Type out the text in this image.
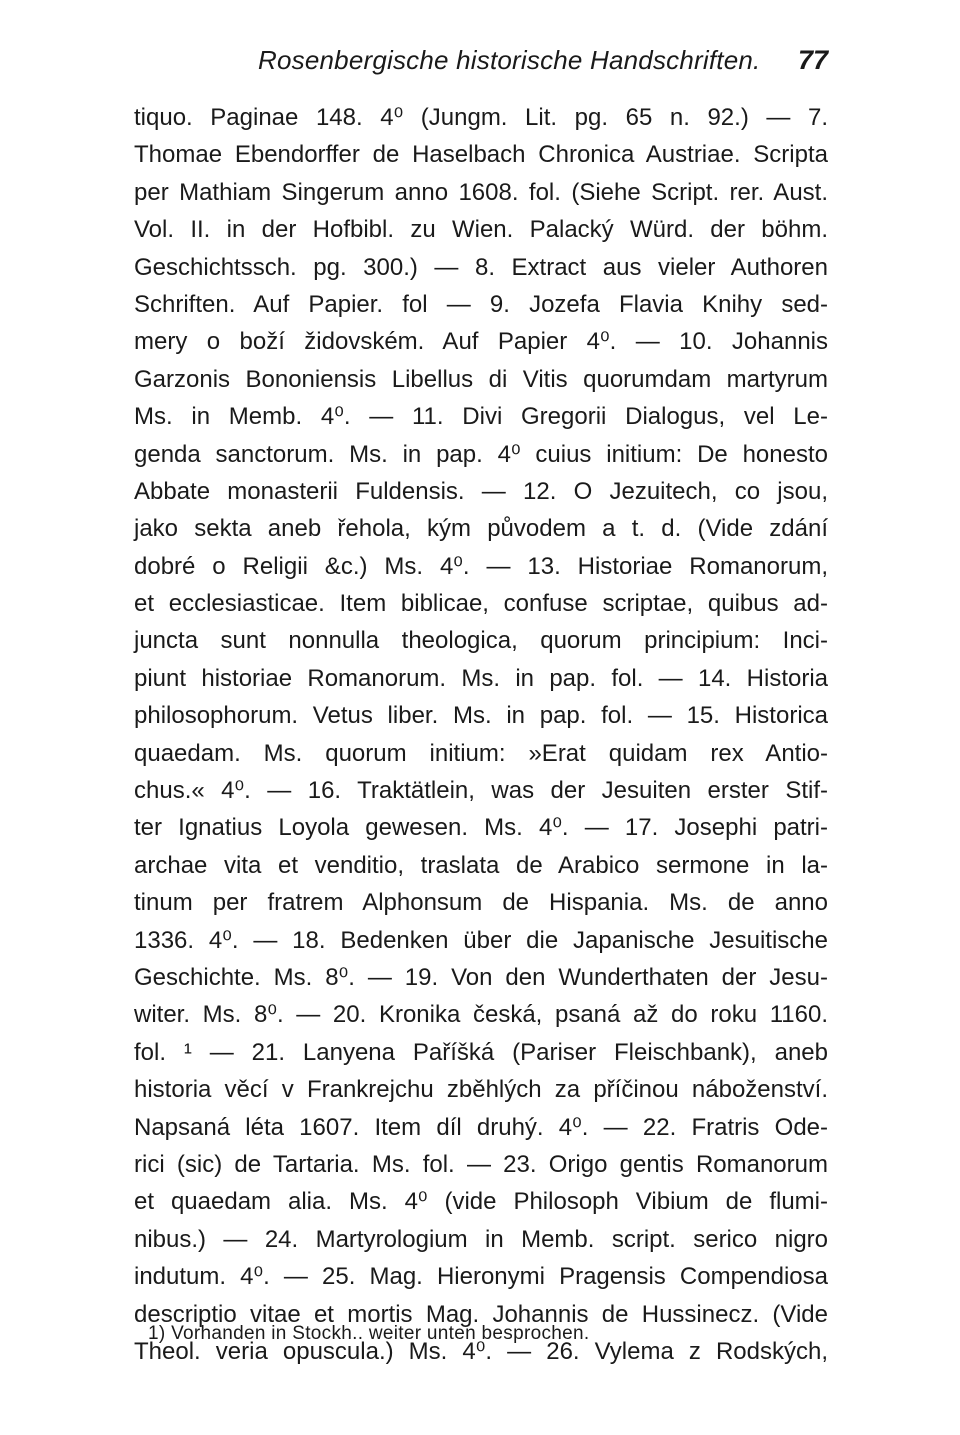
Rosenbergische historische Handschriften. 77
tiquo. Paginae 148. 4⁰ (Jungm. Lit. pg. 65 n. 92.) — 7.
Thomae Ebendorffer de Haselbach Chronica Austriae. Scripta
per Mathiam Singerum anno 1608. fol. (Siehe Script. rer. Aust.
Vol. II. in der Hofbibl. zu Wien. Palacký Würd. der böhm.
Geschichtssch. pg. 300.) — 8. Extract aus vieler Authoren
Schriften. Auf Papier. fol — 9. Jozefa Flavia Knihy sed-
mery o boží židovském. Auf Papier 4⁰. — 10. Johannis
Garzonis Bononiensis Libellus di Vitis quorumdam martyrum
Ms. in Memb. 4⁰. — 11. Divi Gregorii Dialogus, vel Le-
genda sanctorum. Ms. in pap. 4⁰ cuius initium: De honesto
Abbate monasterii Fuldensis. — 12. O Jezuitech, co jsou,
jako sekta aneb řehola, kým původem a t. d. (Vide zdání
dobré o Religii &c.) Ms. 4⁰. — 13. Historiae Romanorum,
et ecclesiasticae. Item biblicae, confuse scriptae, quibus ad-
juncta sunt nonnulla theologica, quorum principium: Inci-
piunt historiae Romanorum. Ms. in pap. fol. — 14. Historia
philosophorum. Vetus liber. Ms. in pap. fol. — 15. Historica
quaedam. Ms. quorum initium: »Erat quidam rex Antio-
chus.« 4⁰. — 16. Traktätlein, was der Jesuiten erster Stif-
ter Ignatius Loyola gewesen. Ms. 4⁰. — 17. Josephi patri-
archae vita et venditio, traslata de Arabico sermone in la-
tinum per fratrem Alphonsum de Hispania. Ms. de anno
1336. 4⁰. — 18. Bedenken über die Japanische Jesuitische
Geschichte. Ms. 8⁰. — 19. Von den Wunderthaten der Jesu-
witer. Ms. 8⁰. — 20. Kronika česká, psaná až do roku 1160.
fol. ¹ — 21. Lanyena Paříšká (Pariser Fleischbank), aneb
historia věcí v Frankrejchu zběhlých za příčinou náboženství.
Napsaná léta 1607. Item díl druhý. 4⁰. — 22. Fratris Ode-
rici (sic) de Tartaria. Ms. fol. — 23. Origo gentis Romanorum
et quaedam alia. Ms. 4⁰ (vide Philosoph Vibium de flumi-
nibus.) — 24. Martyrologium in Memb. script. serico nigro
indutum. 4⁰. — 25. Mag. Hieronymi Pragensis Compendiosa
descriptio vitae et mortis Mag. Johannis de Hussinecz. (Vide
Theol. veria opuscula.) Ms. 4⁰. — 26. Vylema z Rodských,
1) Vorhanden in Stockh.. weiter unten besprochen.
